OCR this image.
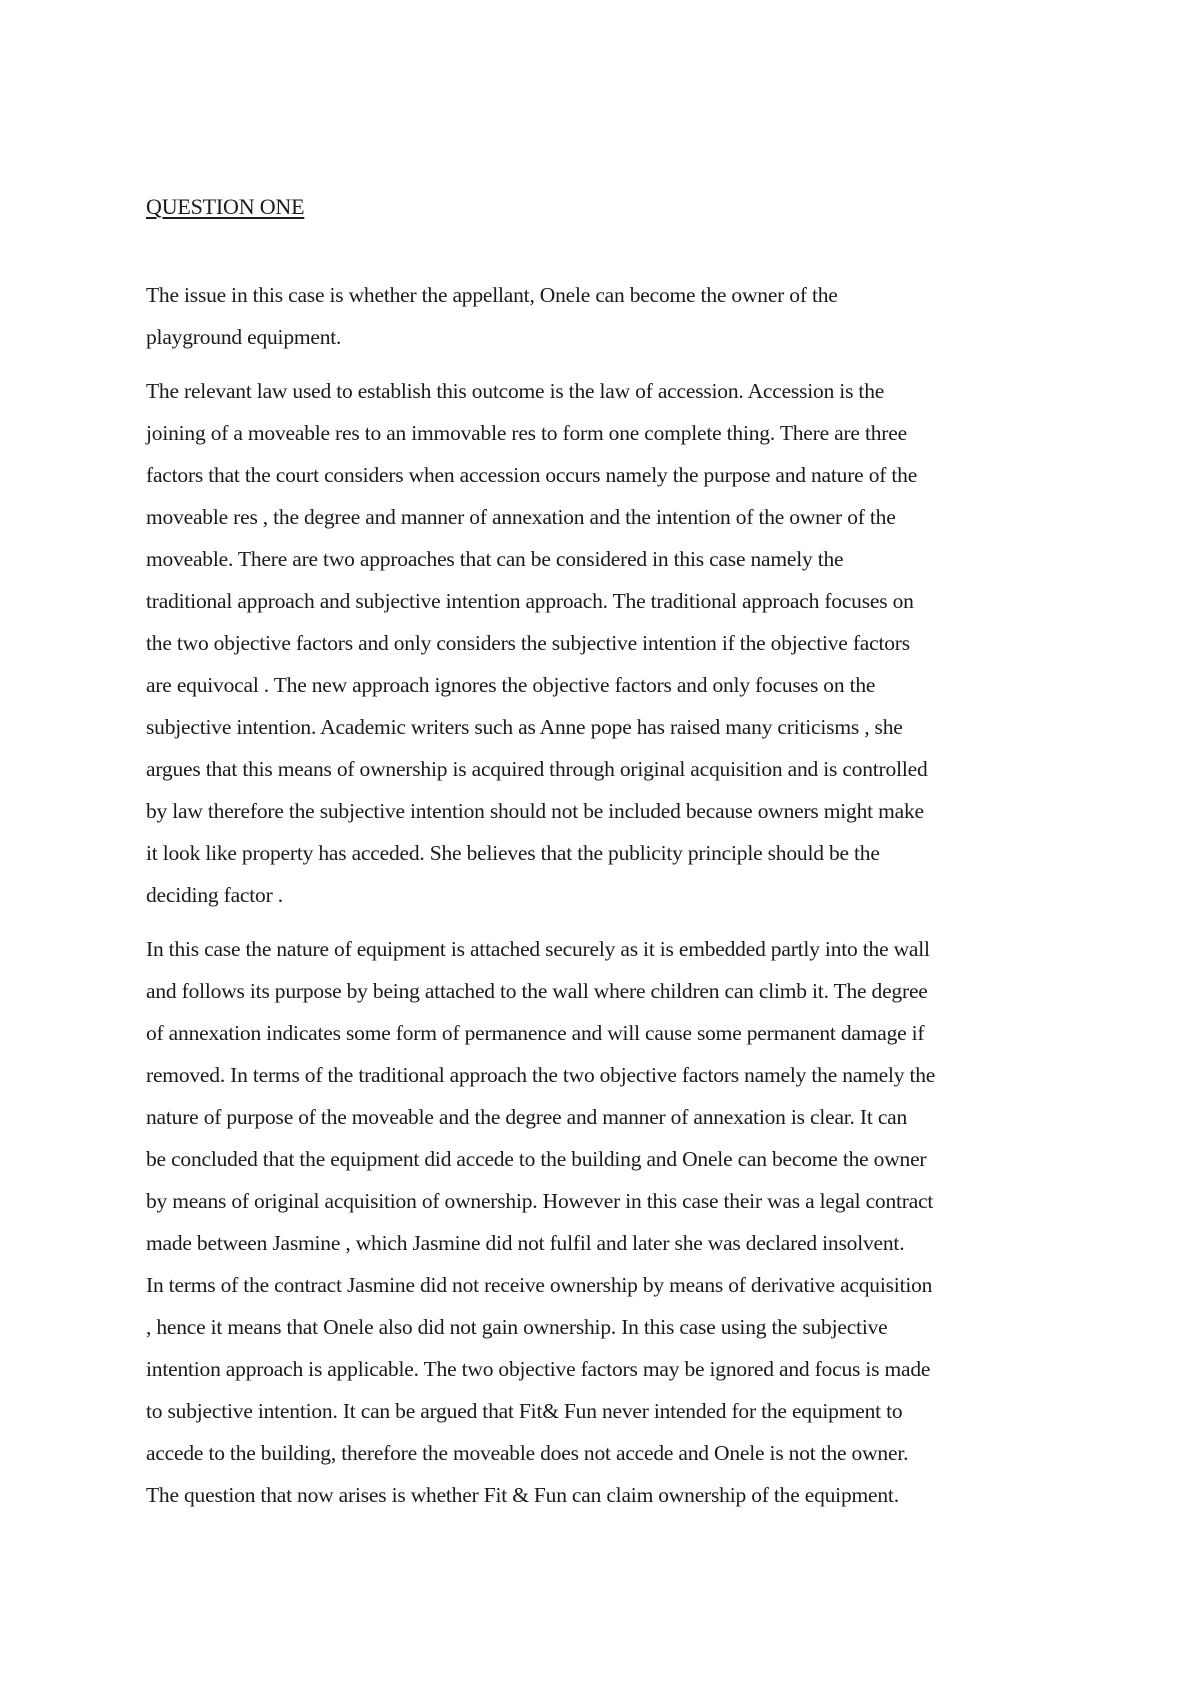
QUESTION ONE

The issue in this case is whether the appellant, Onele can become the owner of the
playground equipment.

The relevant law used to establish this outcome is the law of accession. Accession is the
joining of a moveable res to an immovable res to form one complete thing. There are three
factors that the court considers when accession occurs namely the purpose and nature of the
moveable res , the degree and manner of annexation and the intention of the owner of the
moveable. There are two approaches that can be considered in this case namely the
traditional approach and subjective intention approach. The traditional approach focuses on
the two objective factors and only considers the subjective intention if the objective factors
are equivocal . The new approach ignores the objective factors and only focuses on the
subjective intention. Academic writers such as Anne pope has raised many criticisms , she
argues that this means of ownership is acquired through original acquisition and is controlled
by law therefore the subjective intention should not be included because owners might make
it look like property has acceded. She believes that the publicity principle should be the
deciding factor .

In this case the nature of equipment is attached securely as it is embedded partly into the wall
and follows its purpose by being attached to the wall where children can climb it. The degree
of annexation indicates some form of permanence and will cause some permanent damage if
removed. In terms of the traditional approach the two objective factors namely the namely the
nature of purpose of the moveable and the degree and manner of annexation is clear. It can
be concluded that the equipment did accede to the building and Onele can become the owner
by means of original acquisition of ownership. However in this case their was a legal contract
made between Jasmine , which Jasmine did not fulfil and later she was declared insolvent.
In terms of the contract Jasmine did not receive ownership by means of derivative acquisition
, hence it means that Onele also did not gain ownership. In this case using the subjective
intention approach is applicable. The two objective factors may be ignored and focus is made
to subjective intention. It can be argued that Fit& Fun never intended for the equipment to
accede to the building, therefore the moveable does not accede and Onele is not the owner.
The question that now arises is whether Fit & Fun can claim ownership of the equipment.
